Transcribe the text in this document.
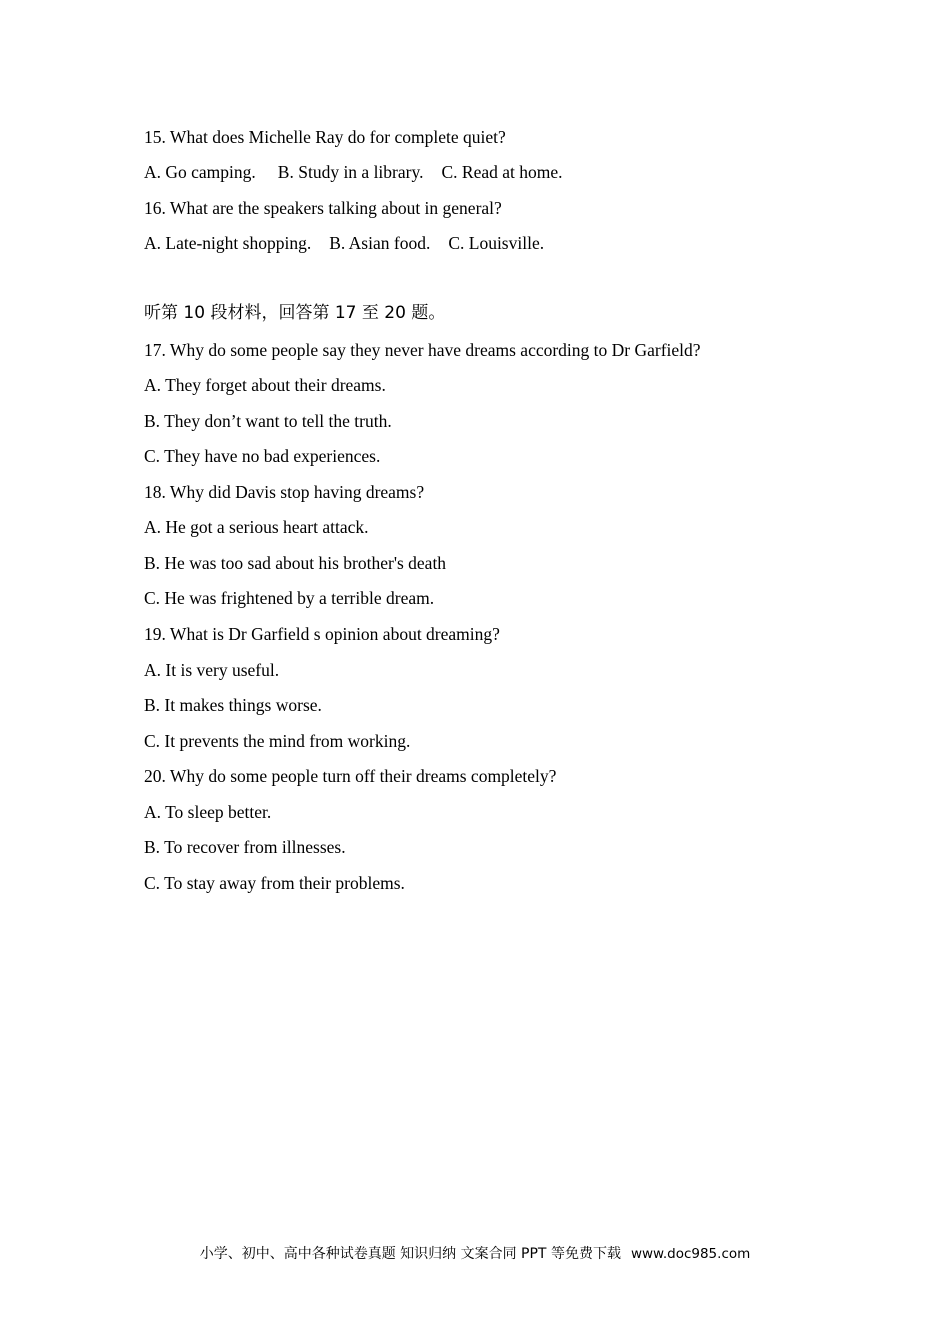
15. What does Michelle Ray do for complete quiet?
A. Go camping. B. Study in a library. C. Read at home.
16. What are the speakers talking about in general?
A. Late-night shopping. B. Asian food. C. Louisville.
听第 10 段材料，回答第 17 至 20 题。
17. Why do some people say they never have dreams according to Dr Garfield?
A. They forget about their dreams.
B. They don’t want to tell the truth.
C. They have no bad experiences.
18. Why did Davis stop having dreams?
A. He got a serious heart attack.
B. He was too sad about his brother's death
C. He was frightened by a terrible dream.
19. What is Dr Garfield s opinion about dreaming?
A. It is very useful.
B. It makes things worse.
C. It prevents the mind from working.
20. Why do some people turn off their dreams completely?
A. To sleep better.
B. To recover from illnesses.
C. To stay away from their problems.
小学、初中、高中各种试卷真题 知识归纳 文案合同 PPT 等免费下载 www.doc985.com
